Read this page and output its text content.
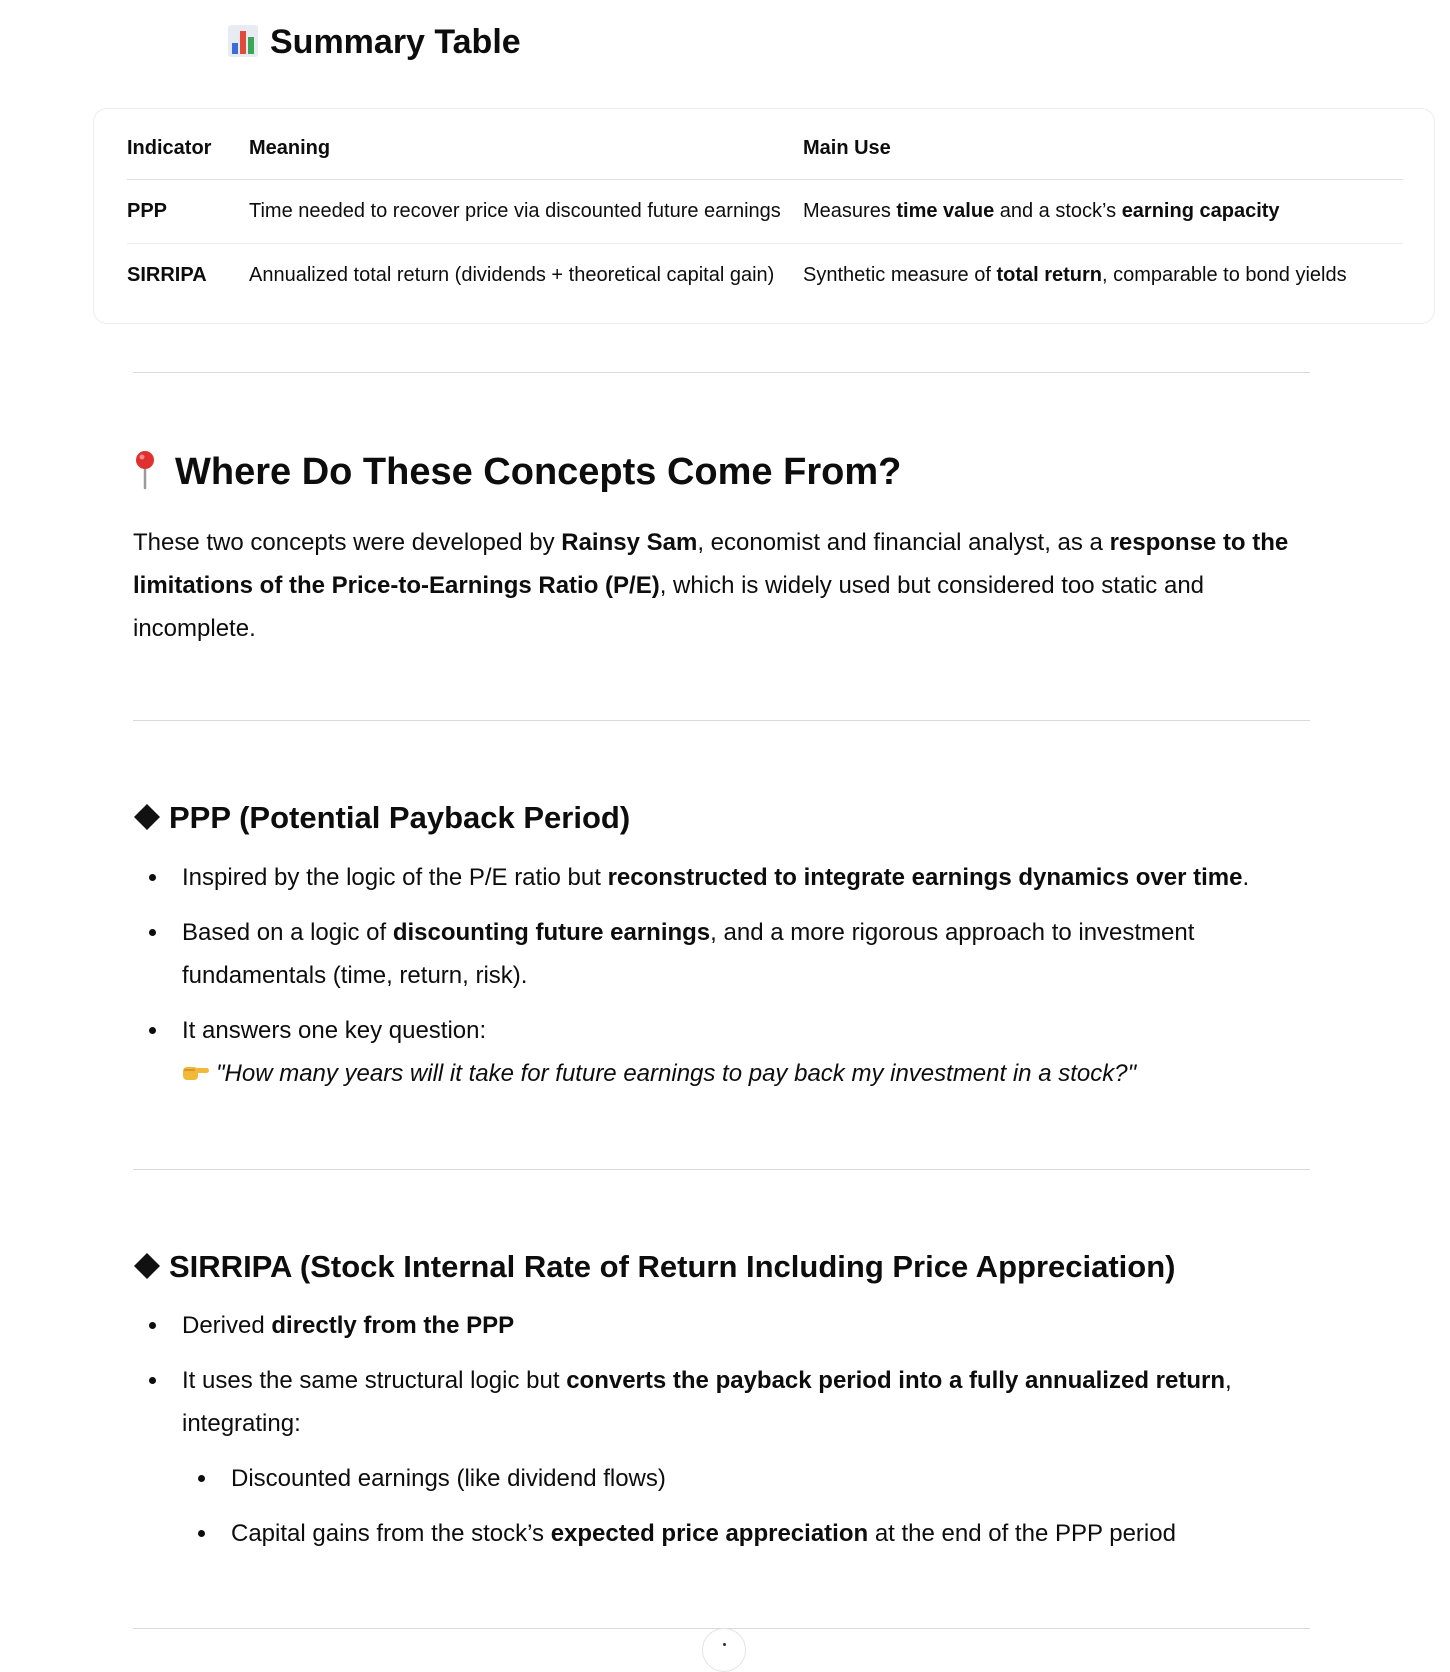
Summary Table
Indicator	Meaning	Main Use
PPP	Time needed to recover price via discounted future earnings	Measures time value and a stock’s earning capacity
SIRRIPA	Annualized total return (dividends + theoretical capital gain)	Synthetic measure of total return, comparable to bond yields
Where Do These Concepts Come From?

These two concepts were developed by Rainsy Sam, economist and financial analyst, as a response to the limitations of the Price-to-Earnings Ratio (P/E), which is widely used but considered too static and incomplete.

PPP (Potential Payback Period)
Inspired by the logic of the P/E ratio but reconstructed to integrate earnings dynamics over time.
Based on a logic of discounting future earnings, and a more rigorous approach to investment fundamentals (time, return, risk).
It answers one key question:
"How many years will it take for future earnings to pay back my investment in a stock?"
SIRRIPA (Stock Internal Rate of Return Including Price Appreciation)
Derived directly from the PPP
It uses the same structural logic but converts the payback period into a fully annualized return, integrating:
Discounted earnings (like dividend flows)
Capital gains from the stock’s expected price appreciation at the end of the PPP period
